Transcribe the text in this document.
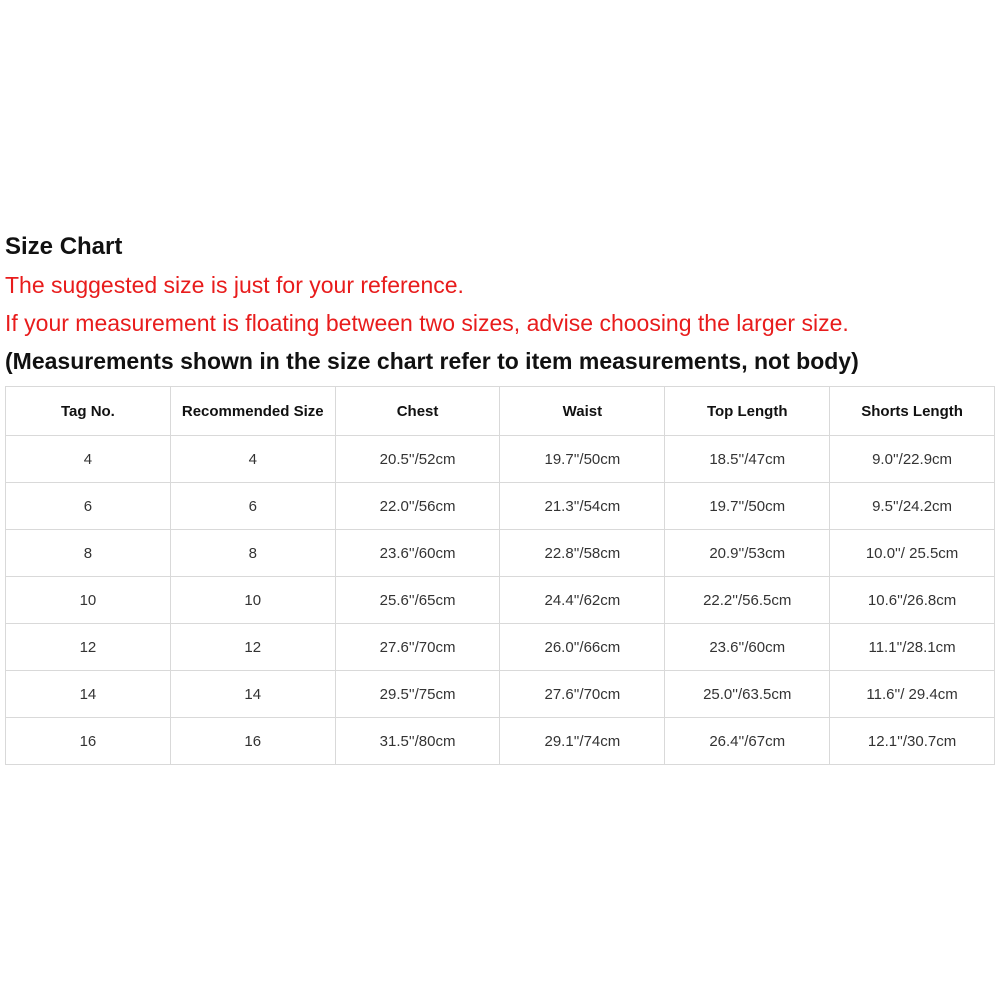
Size Chart
The suggested size is just for your reference.
If your measurement is floating between two sizes, advise choosing the larger size.
(Measurements shown in the size chart refer to item measurements, not body)
Tag No.	Recommended Size	Chest	Waist	Top Length	Shorts Length
4	4	20.5''/52cm	19.7''/50cm	18.5''/47cm	9.0''/22.9cm
6	6	22.0''/56cm	21.3''/54cm	19.7''/50cm	9.5''/24.2cm
8	8	23.6''/60cm	22.8''/58cm	20.9''/53cm	10.0''/ 25.5cm
10	10	25.6''/65cm	24.4''/62cm	22.2''/56.5cm	10.6''/26.8cm
12	12	27.6''/70cm	26.0''/66cm	23.6''/60cm	11.1''/28.1cm
14	14	29.5''/75cm	27.6''/70cm	25.0''/63.5cm	11.6''/ 29.4cm
16	16	31.5''/80cm	29.1''/74cm	26.4''/67cm	12.1''/30.7cm
